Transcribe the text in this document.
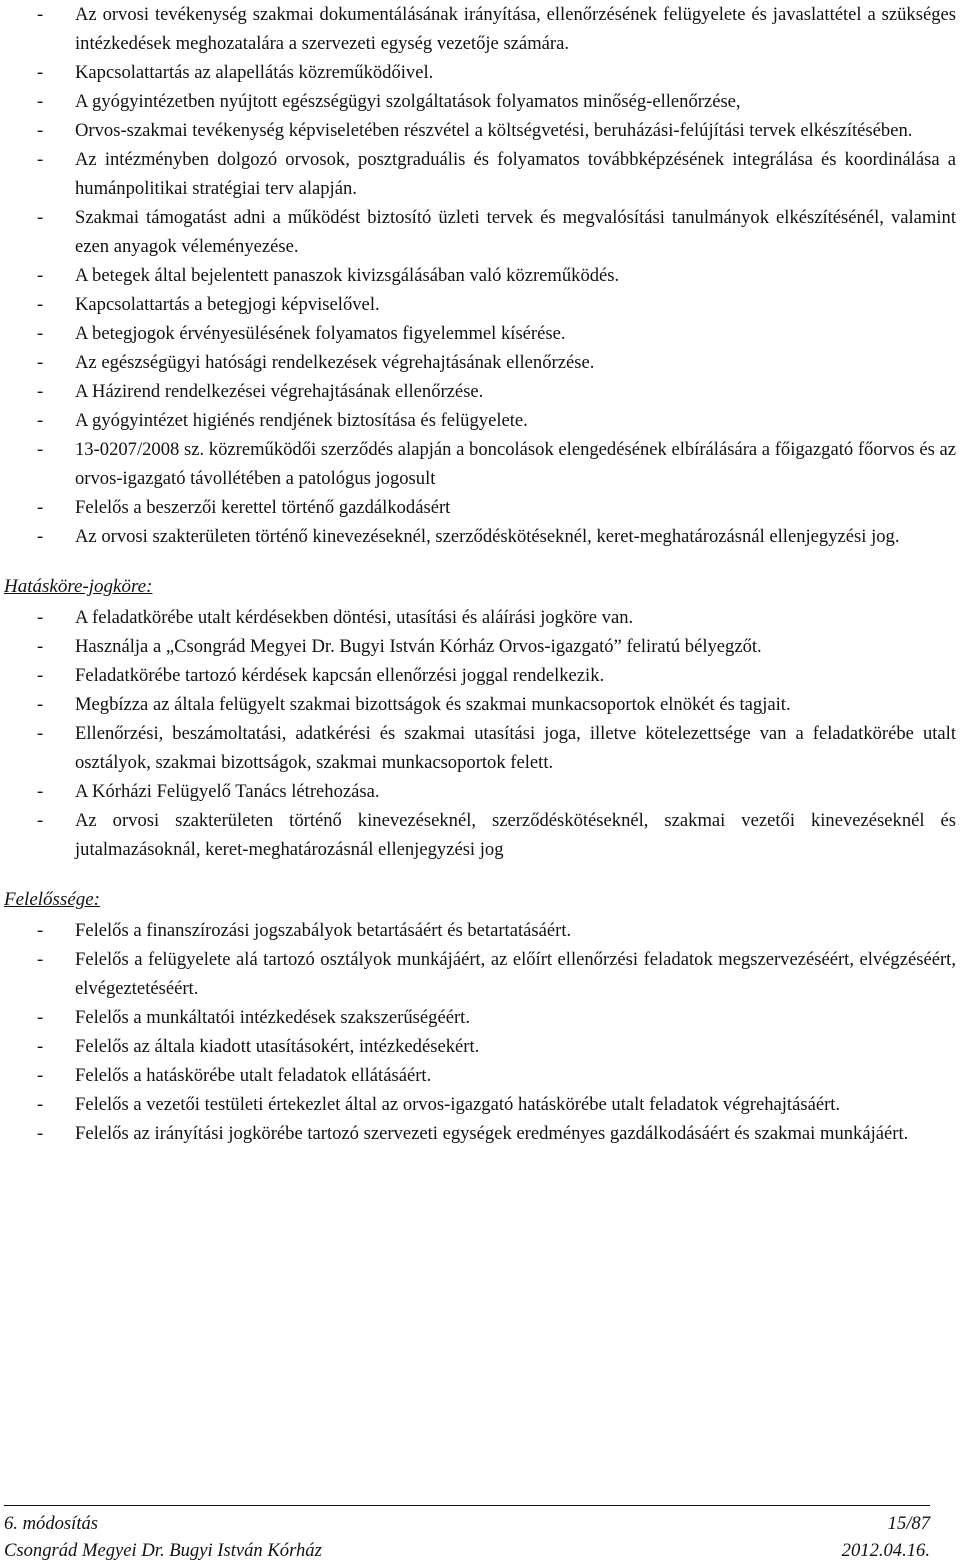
- Az orvosi tevékenység szakmai dokumentálásának irányítása, ellenőrzésének felügyelete és javaslattétel a szükséges intézkedések meghozatalára a szervezeti egység vezetője számára.
- Kapcsolattartás az alapellátás közreműködőivel.
- A gyógyintézetben nyújtott egészségügyi szolgáltatások folyamatos minőség-ellenőrzése,
- Orvos-szakmai tevékenység képviseletében részvétel a költségvetési, beruházási-felújítási tervek elkészítésében.
- Az intézményben dolgozó orvosok, posztgraduális és folyamatos továbbképzésének integrálása és koordinálása a humánpolitikai stratégiai terv alapján.
- Szakmai támogatást adni a működést biztosító üzleti tervek és megvalósítási tanulmányok elkészítésénél, valamint ezen anyagok véleményezése.
- A betegek által bejelentett panaszok kivizsgálásában való közreműködés.
- Kapcsolattartás a betegjogi képviselővel.
- A betegjogok érvényesülésének folyamatos figyelemmel kísérése.
- Az egészségügyi hatósági rendelkezések végrehajtásának ellenőrzése.
- A Házirend rendelkezései végrehajtásának ellenőrzése.
- A gyógyintézet higiénés rendjének biztosítása és felügyelete.
- 13-0207/2008 sz. közreműködői szerződés alapján a boncolások elengedésének elbírálására a főigazgató főorvos és az orvos-igazgató távollétében a patológus jogosult
- Felelős a beszerzői kerettel történő gazdálkodásért
- Az orvosi szakterületen történő kinevezéseknél, szerződéskötéseknél, keret-meghatározásnál ellenjegyzési jog.
Hatásköre-jogköre:
- A feladatkörébe utalt kérdésekben döntési, utasítási és aláírási jogköre van.
- Használja a „Csongrád Megyei Dr. Bugyi István Kórház Orvos-igazgató” feliratú bélyegzőt.
- Feladatkörébe tartozó kérdések kapcsán ellenőrzési joggal rendelkezik.
- Megbízza az általa felügyelt szakmai bizottságok és szakmai munkacsoportok elnökét és tagjait.
- Ellenőrzési, beszámoltatási, adatkérési és szakmai utasítási joga, illetve kötelezettsége van a feladatkörébe utalt osztályok, szakmai bizottságok, szakmai munkacsoportok felett.
- A Kórházi Felügyelő Tanács létrehozása.
- Az orvosi szakterületen történő kinevezéseknél, szerződéskötéseknél, szakmai vezetői kinevezéseknél és jutalmazásoknál, keret-meghatározásnál ellenjegyzési jog
Felelőssége:
- Felelős a finanszírozási jogszabályok betartásáért és betartatásáért.
- Felelős a felügyelete alá tartozó osztályok munkájáért, az előírt ellenőrzési feladatok megszervezéséért, elvégzéséért, elvégeztetéséért.
- Felelős a munkáltatói intézkedések szakszerűségéért.
- Felelős az általa kiadott utasításokért, intézkedésekért.
- Felelős a hatáskörébe utalt feladatok ellátásáért.
- Felelős a vezetői testületi értekezlet által az orvos-igazgató hatáskörébe utalt feladatok végrehajtásáért.
- Felelős az irányítási jogkörébe tartozó szervezeti egységek eredményes gazdálkodásáért és szakmai munkájáért.
6. módosítás	15/87
Csongrád Megyei Dr. Bugyi István Kórház	2012.04.16.
